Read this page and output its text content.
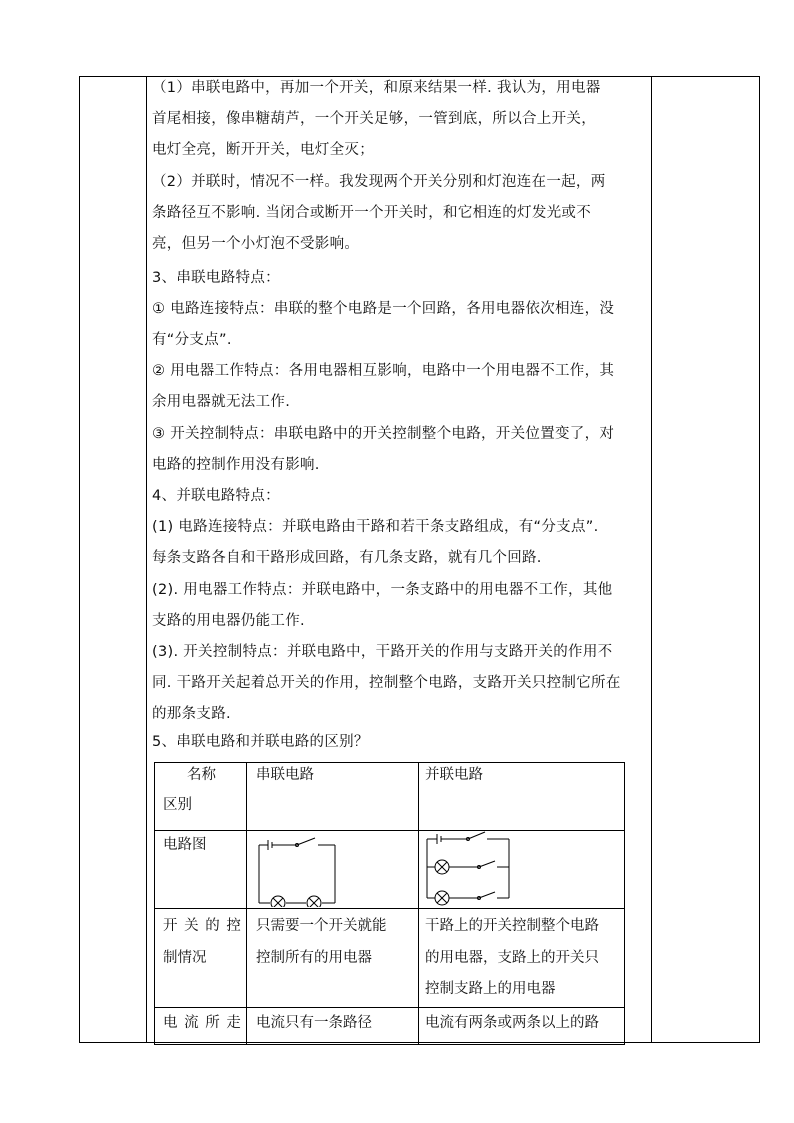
（1）串联电路中，再加一个开关，和原来结果一样. 我认为，用电器
首尾相接，像串糖葫芦，一个开关足够，一管到底，所以合上开关，
电灯全亮，断开开关，电灯全灭；
（2）并联时，情况不一样。我发现两个开关分别和灯泡连在一起，两
条路径互不影响. 当闭合或断开一个开关时，和它相连的灯发光或不
亮，但另一个小灯泡不受影响。
3、串联电路特点：
① 电路连接特点：串联的整个电路是一个回路，各用电器依次相连，没
有“分支点”.
② 用电器工作特点：各用电器相互影响，电路中一个用电器不工作，其
余用电器就无法工作.
③ 开关控制特点：串联电路中的开关控制整个电路，开关位置变了，对
电路的控制作用没有影响.
4、并联电路特点：
(1) 电路连接特点：并联电路由干路和若干条支路组成，有“分支点”.
每条支路各自和干路形成回路，有几条支路，就有几个回路.
(2). 用电器工作特点：并联电路中，一条支路中的用电器不工作，其他
支路的用电器仍能工作.
(3). 开关控制特点：并联电路中，干路开关的作用与支路开关的作用不
同. 干路开关起着总开关的作用，控制整个电路，支路开关只控制它所在
的那条支路.
5、串联电路和并联电路的区别？
名称
区别
串联电路	并联电路
电路图
开 关 的 控
制情况
只需要一个开关就能
控制所有的用电器
干路上的开关控制整个电路
的用电器，支路上的开关只
控制支路上的用电器
电 流 所 走 电流只有一条路径	电流有两条或两条以上的路
